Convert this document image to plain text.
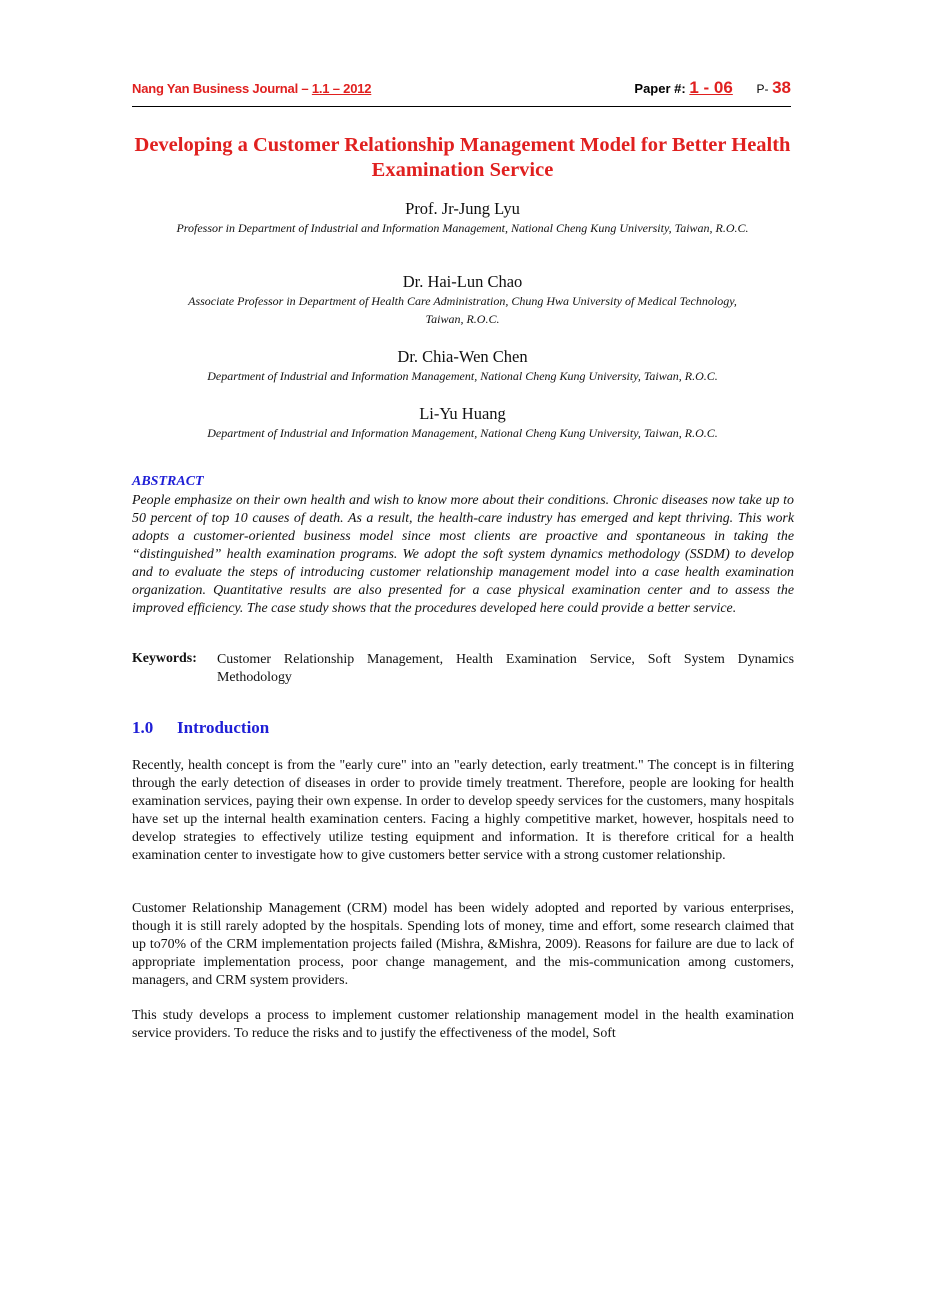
Nang Yan Business Journal – 1.1 – 2012	Paper #: 1 - 06 P- 38
Developing a Customer Relationship Management Model for Better Health Examination Service
Prof. Jr-Jung Lyu
Professor in Department of Industrial and Information Management, National Cheng Kung University, Taiwan, R.O.C.
Dr. Hai-Lun Chao
Associate Professor in Department of Health Care Administration, Chung Hwa University of Medical Technology, Taiwan, R.O.C.
Dr. Chia-Wen Chen
Department of Industrial and Information Management, National Cheng Kung University, Taiwan, R.O.C.
Li-Yu Huang
Department of Industrial and Information Management, National Cheng Kung University, Taiwan, R.O.C.
ABSTRACT
People emphasize on their own health and wish to know more about their conditions. Chronic diseases now take up to 50 percent of top 10 causes of death. As a result, the health-care industry has emerged and kept thriving. This work adopts a customer-oriented business model since most clients are proactive and spontaneous in taking the “distinguished” health examination programs. We adopt the soft system dynamics methodology (SSDM) to develop and to evaluate the steps of introducing customer relationship management model into a case health examination organization. Quantitative results are also presented for a case physical examination center and to assess the improved efficiency. The case study shows that the procedures developed here could provide a better service.
Keywords: Customer Relationship Management, Health Examination Service, Soft System Dynamics Methodology
1.0 Introduction
Recently, health concept is from the "early cure" into an "early detection, early treatment." The concept is in filtering through the early detection of diseases in order to provide timely treatment. Therefore, people are looking for health examination services, paying their own expense. In order to develop speedy services for the customers, many hospitals have set up the internal health examination centers. Facing a highly competitive market, however, hospitals need to develop strategies to effectively utilize testing equipment and information. It is therefore critical for a health examination center to investigate how to give customers better service with a strong customer relationship.
Customer Relationship Management (CRM) model has been widely adopted and reported by various enterprises, though it is still rarely adopted by the hospitals. Spending lots of money, time and effort, some research claimed that up to70% of the CRM implementation projects failed (Mishra, &Mishra, 2009). Reasons for failure are due to lack of appropriate implementation process, poor change management, and the mis-communication among customers, managers, and CRM system providers.
This study develops a process to implement customer relationship management model in the health examination service providers. To reduce the risks and to justify the effectiveness of the model, Soft
